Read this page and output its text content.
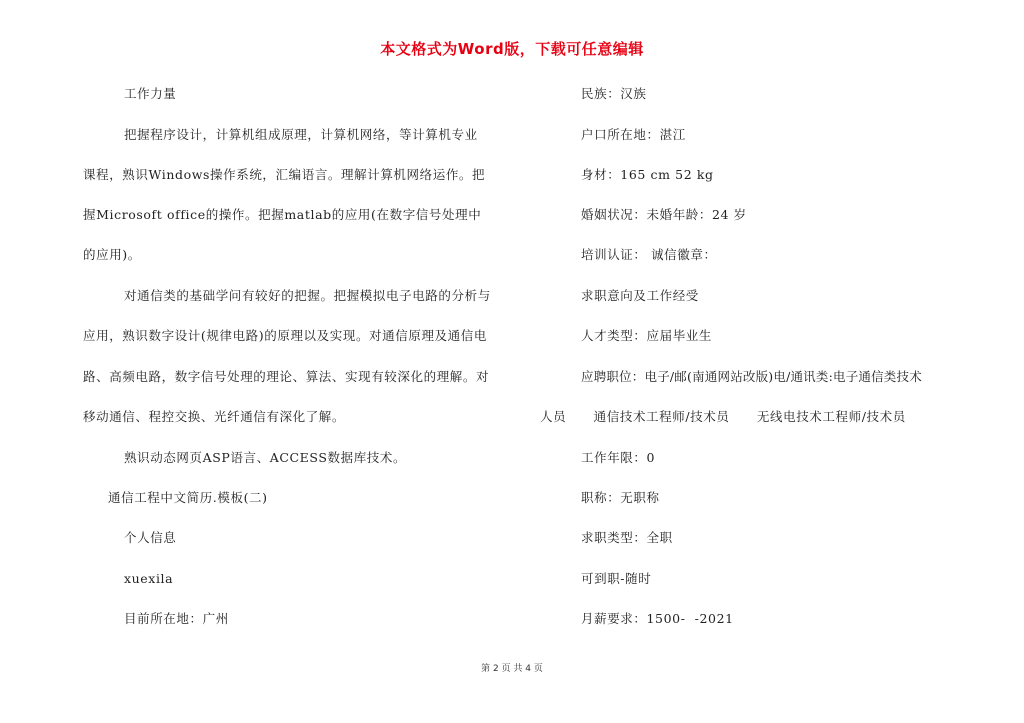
本文格式为Word版，下载可任意编辑
工作力量
把握程序设计，计算机组成原理，计算机网络，等计算机专业
课程，熟识Windows操作系统，汇编语言。理解计算机网络运作。把
握Microsoft office的操作。把握matlab的应用(在数字信号处理中
的应用)。
对通信类的基础学问有较好的把握。把握模拟电子电路的分析与
应用，熟识数字设计(规律电路)的原理以及实现。对通信原理及通信电
路、高频电路，数字信号处理的理论、算法、实现有较深化的理解。对
移动通信、程控交换、光纤通信有深化了解。
熟识动态网页ASP语言、ACCESS数据库技术。
通信工程中文简历.模板(二)
个人信息
xuexila
目前所在地：广州
民族：汉族
户口所在地：湛江
身材：165 cm 52 kg
婚姻状况：未婚年龄：24 岁
培训认证： 诚信徽章：
求职意向及工作经受
人才类型：应届毕业生
应聘职位：电子/邮(南通网站改版)电/通讯类:电子通信类技术
人员      通信技术工程师/技术员      无线电技术工程师/技术员
工作年限：0
职称：无职称
求职类型：全职
可到职-随时
月薪要求：1500-  -2021
第 2 页 共 4 页
